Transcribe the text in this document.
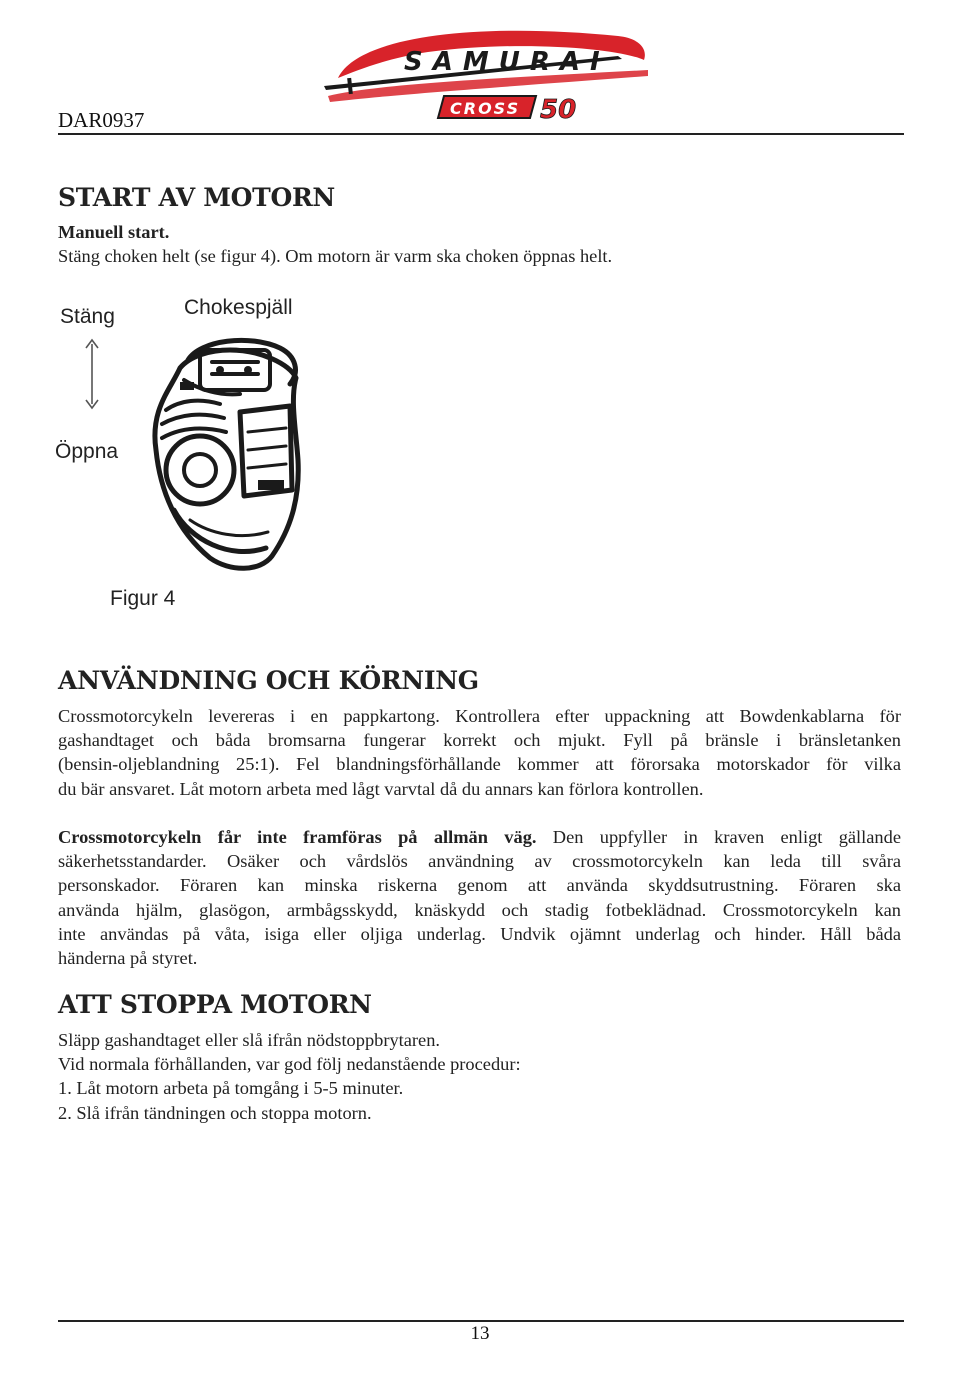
DAR0937
SAMURAI
CROSS 50
START AV MOTORN
Manuell start.
Stäng choken helt (se figur 4). Om motorn är varm ska choken öppnas helt.
Stäng	Chokespjäll
Öppna
Figur 4
ANVÄNDNING OCH KÖRNING
Crossmotorcykeln levereras i en pappkartong. Kontrollera efter uppackning att Bowdenkablarna för
gashandtaget och båda bromsarna fungerar korrekt och mjukt. Fyll på bränsle i bränsletanken
(bensin-oljeblandning 25:1). Fel blandningsförhållande kommer att förorsaka motorskador för vilka
du bär ansvaret. Låt motorn arbeta med lågt varvtal då du annars kan förlora kontrollen.
Crossmotorcykeln får inte framföras på allmän väg. Den uppfyller in kraven enligt gällande
säkerhetsstandarder. Osäker och vårdslös användning av crossmotorcykeln kan leda till svåra
personskador. Föraren kan minska riskerna genom att använda skyddsutrustning. Föraren ska
använda hjälm, glasögon, armbågsskydd, knäskydd och stadig fotbeklädnad. Crossmotorcykeln kan
inte användas på våta, isiga eller oljiga underlag. Undvik ojämnt underlag och hinder. Håll båda
händerna på styret.
ATT STOPPA MOTORN
Släpp gashandtaget eller slå ifrån nödstoppbrytaren.
Vid normala förhållanden, var god följ nedanstående procedur:
1. Låt motorn arbeta på tomgång i 5-5 minuter.
2. Slå ifrån tändningen och stoppa motorn.
13
